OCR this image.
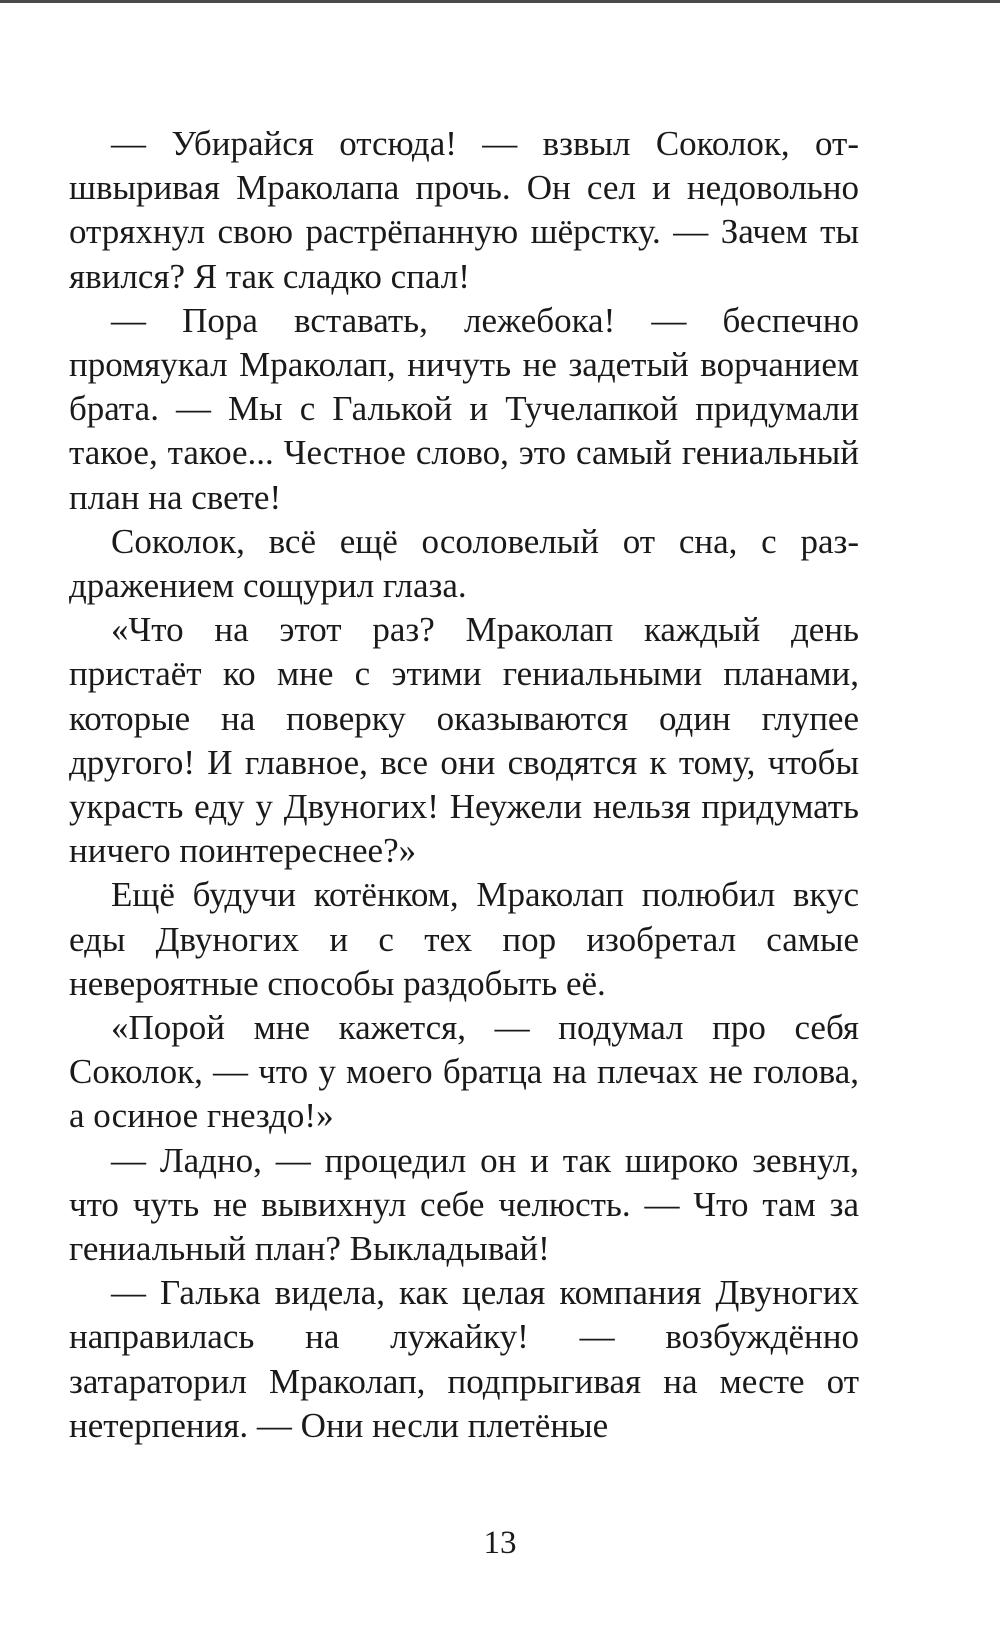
— Убирайся отсюда! — взвыл Соколок, отшвыривая Мраколапа прочь. Он сел и недовольно отряхнул свою растрёпанную шёрстку. — Зачем ты явился? Я так сладко спал!

— Пора вставать, лежебока! — беспечно промяукал Мраколап, ничуть не задетый ворчанием брата. — Мы с Галькой и Тучелапкой придумали такое, такое... Честное слово, это самый гениальный план на свете!

Соколок, всё ещё осоловелый от сна, с раздражением сощурил глаза.

«Что на этот раз? Мраколап каждый день пристаёт ко мне с этими гениальными планами, которые на поверку оказываются один глупее другого! И главное, все они сводятся к тому, чтобы украсть еду у Двуногих! Неужели нельзя придумать ничего поинтереснее?»

Ещё будучи котёнком, Мраколап полюбил вкус еды Двуногих и с тех пор изобретал самые невероятные способы раздобыть её.

«Порой мне кажется, — подумал про себя Соколок, — что у моего братца на плечах не голова, а осиное гнездо!»

— Ладно, — процедил он и так широко зевнул, что чуть не вывихнул себе челюсть. — Что там за гениальный план? Выкладывай!

— Галька видела, как целая компания Двуногих направилась на лужайку! — возбуждённо затараторил Мраколап, подпрыгивая на месте от нетерпения. — Они несли плетёные

13
